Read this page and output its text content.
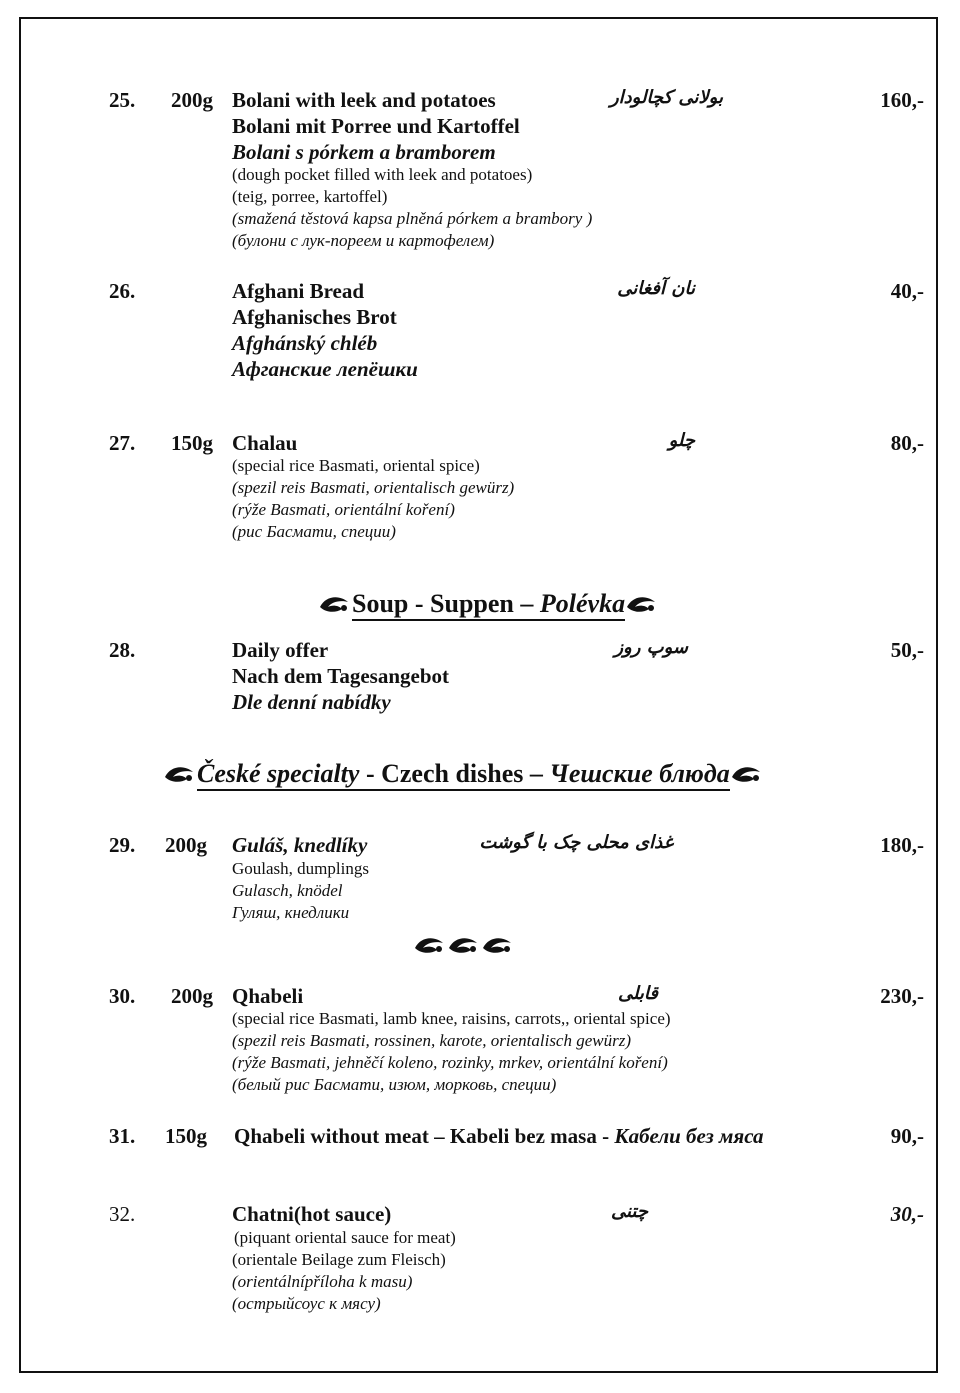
25. 200g Bolani with leek and potatoes	بولانی کچالودار	160,-
Bolani mit Porree und Kartoffel
Bolani s pórkem a bramborem
(dough pocket filled with leek and potatoes)
(teig, porree, kartoffel)
(smažená těstová kapsa plněná pórkem a brambory )
(булони с лук-пореем и картофелем)
26.	Afghani Bread	نان آفغانی	40,-
Afghanisches Brot
Afghánský chléb
Афганские лепёшки
27. 150g Chalau	چلو	80,-
(special rice Basmati, oriental spice)
(spezil reis Basmati, orientalisch gewürz)
(rýže Basmati, orientální koření)
(рис Басмати, специи)
Soup - Suppen – Polévka
28.	Daily offer	سوپ روز	50,-
Nach dem Tagesangebot
Dle denní nabídky
České specialty - Czech dishes – Чешские блюда
29. 200g Guláš, knedlíky	غذای محلی چک با گوشت	180,-
Goulash, dumplings
Gulasch, knödel
Гуляш, кнедлики
30. 200g Qhabeli	قابلی	230,-
(special rice Basmati, lamb knee, raisins, carrots,, oriental spice)
(spezil reis Basmati, rossinen, karote, orientalisch gewürz)
(rýže Basmati, jehněčí koleno, rozinky, mrkev, orientální koření)
(белый рис Басмати, изюм, морковь, специи)
31. 150g Qhabeli without meat – Kabeli bez masa - Кабели без мяса	90,-
32.	Chatni(hot sauce)	چتنی	30,-
(piquant oriental sauce for meat)
(orientale Beilage zum Fleisch)
(orientálnípříloha k masu)
(острыйсоус к мясу)
